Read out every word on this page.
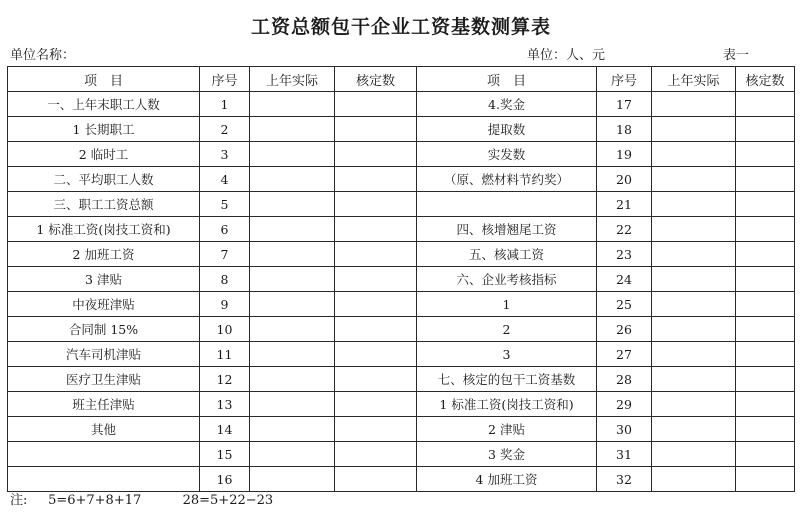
工资总额包干企业工资基数测算表
单位名称：	单位：人、元	表一
项　目	序号	上年实际	核定数	项　目	序号	上年实际	核定数
一、上年末职工人数	1			4.奖金	17		
1 长期职工	2			提取数	18		
2 临时工	3			实发数	19		
二、平均职工人数	4			（原、燃材料节约奖）	20		
三、职工工资总额	5				21		
1 标准工资(岗技工资和)	6			四、核增翘尾工资	22		
2 加班工资	7			五、核减工资	23		
3 津贴	8			六、企业考核指标	24		
中夜班津贴	9			1	25		
合同制 15%	10			2	26		
汽车司机津贴	11			3	27		
医疗卫生津贴	12			七、核定的包干工资基数	28		
班主任津贴	13			1 标准工资(岗技工资和)	29		
其他	14			2 津贴	30		
	15			3 奖金	31		
	16			4 加班工资	32		
注: 5=6+7+8+17	28=5+22−23
